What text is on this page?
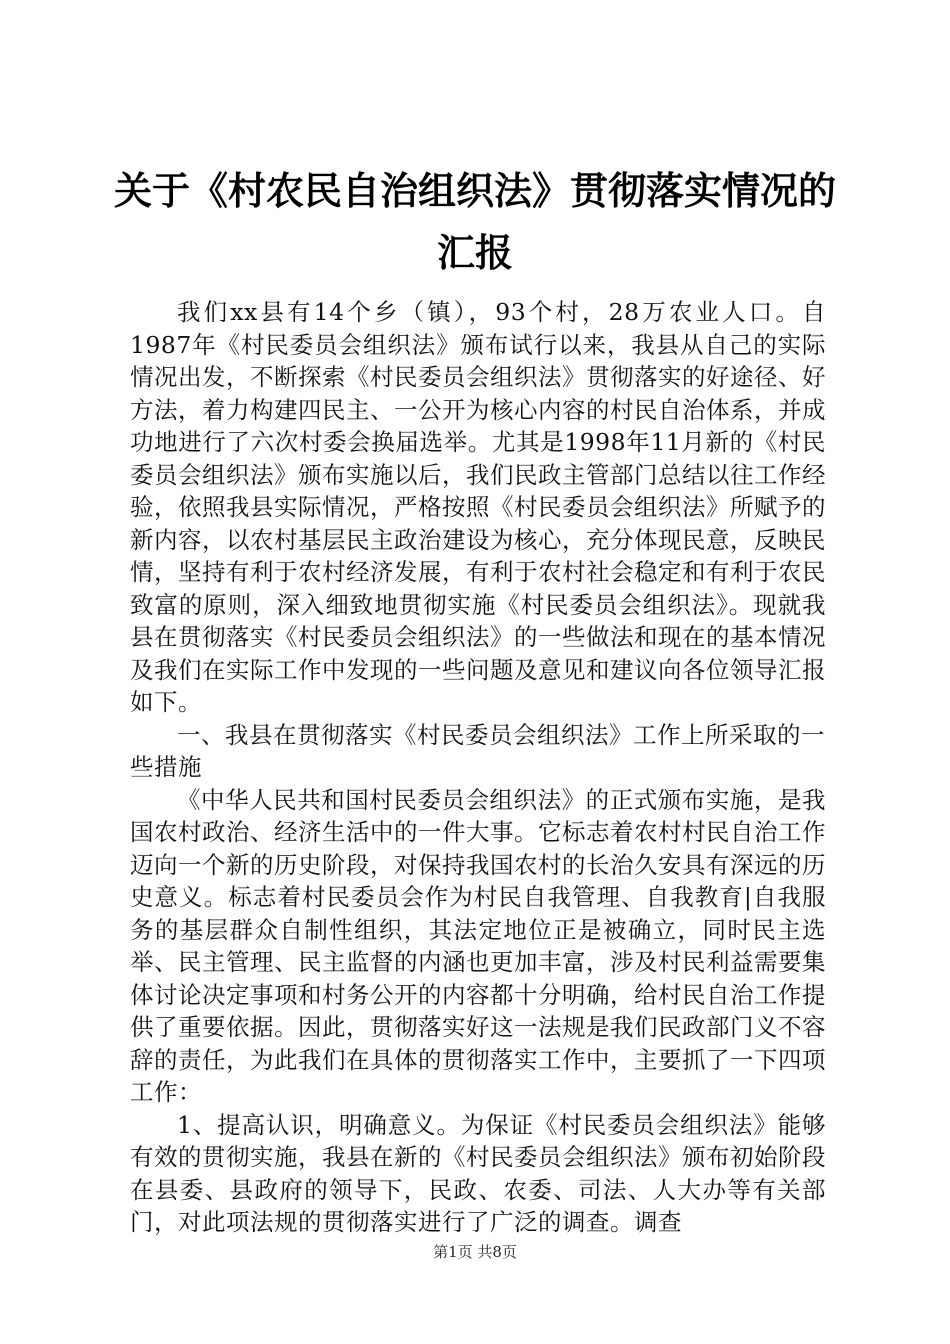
关于《村农民自治组织法》贯彻落实情况的汇报

我们xx县有14个乡（镇），93个村，28万农业人口。自1987年《村民委员会组织法》颁布试行以来，我县从自己的实际情况出发，不断探索《村民委员会组织法》贯彻落实的好途径、好方法，着力构建四民主、一公开为核心内容的村民自治体系，并成功地进行了六次村委会换届选举。尤其是1998年11月新的《村民委员会组织法》颁布实施以后，我们民政主管部门总结以往工作经验，依照我县实际情况，严格按照《村民委员会组织法》所赋予的新内容，以农村基层民主政治建设为核心，充分体现民意，反映民情，坚持有利于农村经济发展，有利于农村社会稳定和有利于农民致富的原则，深入细致地贯彻实施《村民委员会组织法》。现就我县在贯彻落实《村民委员会组织法》的一些做法和现在的基本情况及我们在实际工作中发现的一些问题及意见和建议向各位领导汇报如下。

一、我县在贯彻落实《村民委员会组织法》工作上所采取的一些措施

《中华人民共和国村民委员会组织法》的正式颁布实施，是我国农村政治、经济生活中的一件大事。它标志着农村村民自治工作迈向一个新的历史阶段，对保持我国农村的长治久安具有深远的历史意义。标志着村民委员会作为村民自我管理、自我教育|自我服务的基层群众自制性组织，其法定地位正是被确立，同时民主选举、民主管理、民主监督的内涵也更加丰富，涉及村民利益需要集体讨论决定事项和村务公开的内容都十分明确，给村民自治工作提供了重要依据。因此，贯彻落实好这一法规是我们民政部门义不容辞的责任，为此我们在具体的贯彻落实工作中，主要抓了一下四项工作：

1、提高认识，明确意义。为保证《村民委员会组织法》能够有效的贯彻实施，我县在新的《村民委员会组织法》颁布初始阶段在县委、县政府的领导下，民政、农委、司法、人大办等有关部门，对此项法规的贯彻落实进行了广泛的调查。调查

第1页 共8页
